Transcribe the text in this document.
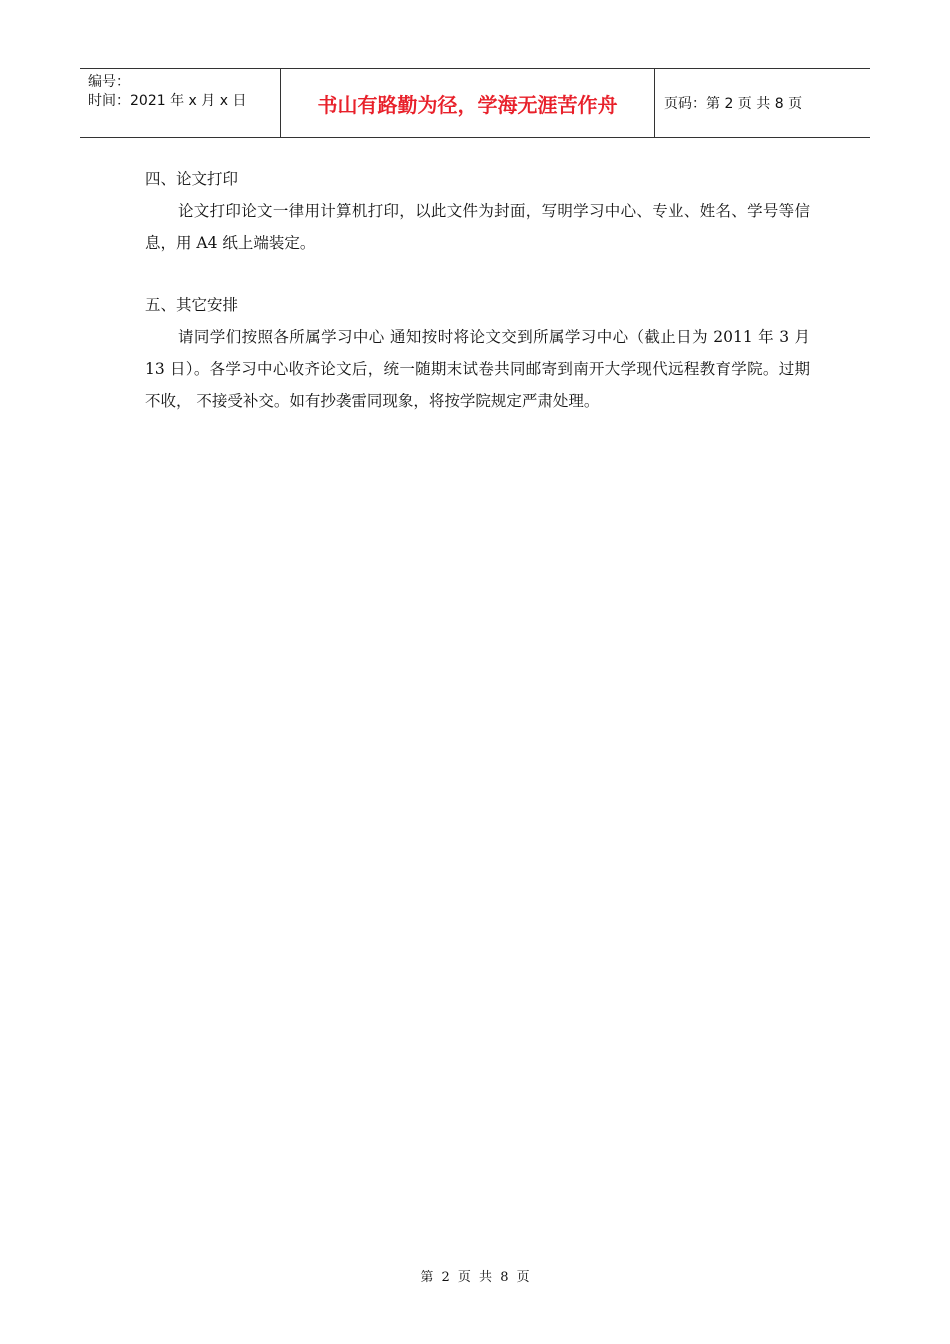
编号：
时间：2021 年 x 月 x 日	书山有路勤为径，学海无涯苦作舟	页码：第 2 页 共 8 页

四、论文打印

论文打印论文一律用计算机打印，以此文件为封面，写明学习中心、专业、姓名、学号等信息，用 A4 纸上端装定。

五、其它安排

请同学们按照各所属学习中心 通知按时将论文交到所属学习中心（截止日为 2011 年 3 月 13 日）。各学习中心收齐论文后，统一随期末试卷共同邮寄到南开大学现代远程教育学院。过期不收， 不接受补交。如有抄袭雷同现象，将按学院规定严肃处理。

第 2 页 共 8 页
